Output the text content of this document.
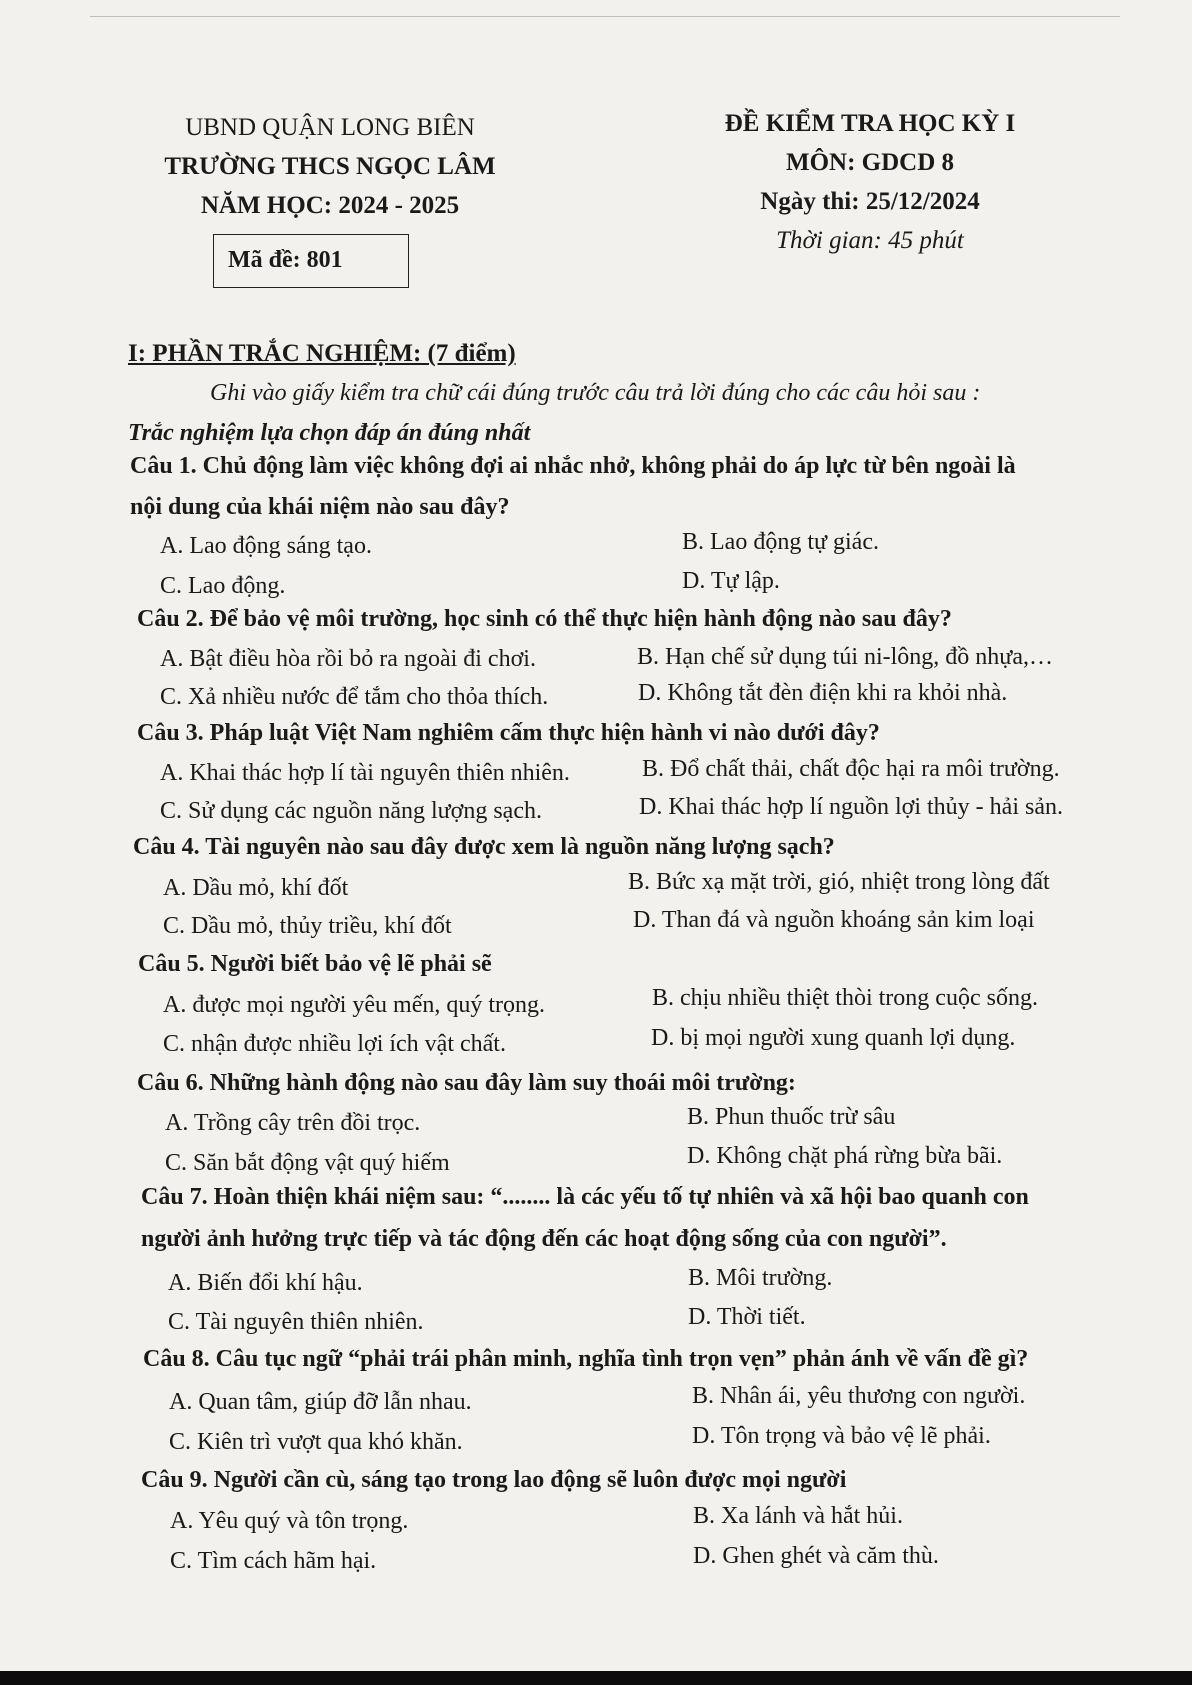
UBND QUẬN LONG BIÊN
TRƯỜNG THCS NGỌC LÂM
NĂM HỌC: 2024 - 2025
ĐỀ KIỂM TRA HỌC KỲ I
MÔN: GDCD 8
Ngày thi: 25/12/2024
Thời gian: 45 phút
Mã đề: 801
I: PHẦN TRẮC NGHIỆM: (7 điểm)
Ghi vào giấy kiểm tra chữ cái đúng trước câu trả lời đúng cho các câu hỏi sau :
Trắc nghiệm lựa chọn đáp án đúng nhất
Câu 1. Chủ động làm việc không đợi ai nhắc nhở, không phải do áp lực từ bên ngoài là
nội dung của khái niệm nào sau đây?
A. Lao động sáng tạo.	B. Lao động tự giác.
C. Lao động.	D. Tự lập.
Câu 2. Để bảo vệ môi trường, học sinh có thể thực hiện hành động nào sau đây?
A. Bật điều hòa rồi bỏ ra ngoài đi chơi.	B. Hạn chế sử dụng túi ni-lông, đồ nhựa,…
C. Xả nhiều nước để tắm cho thỏa thích.	D. Không tắt đèn điện khi ra khỏi nhà.
Câu 3. Pháp luật Việt Nam nghiêm cấm thực hiện hành vi nào dưới đây?
A. Khai thác hợp lí tài nguyên thiên nhiên.	B. Đổ chất thải, chất độc hại ra môi trường.
C. Sử dụng các nguồn năng lượng sạch.	D. Khai thác hợp lí nguồn lợi thủy - hải sản.
Câu 4. Tài nguyên nào sau đây được xem là nguồn năng lượng sạch?
A. Dầu mỏ, khí đốt	B. Bức xạ mặt trời, gió, nhiệt trong lòng đất
C. Dầu mỏ, thủy triều, khí đốt	D. Than đá và nguồn khoáng sản kim loại
Câu 5. Người biết bảo vệ lẽ phải sẽ
A. được mọi người yêu mến, quý trọng.	B. chịu nhiều thiệt thòi trong cuộc sống.
C. nhận được nhiều lợi ích vật chất.	D. bị mọi người xung quanh lợi dụng.
Câu 6. Những hành động nào sau đây làm suy thoái môi trường:
A. Trồng cây trên đồi trọc.	B. Phun thuốc trừ sâu
C. Săn bắt động vật quý hiếm	D. Không chặt phá rừng bừa bãi.
Câu 7. Hoàn thiện khái niệm sau: “........ là các yếu tố tự nhiên và xã hội bao quanh con
người ảnh hưởng trực tiếp và tác động đến các hoạt động sống của con người”.
A. Biến đổi khí hậu.	B. Môi trường.
C. Tài nguyên thiên nhiên.	D. Thời tiết.
Câu 8. Câu tục ngữ “phải trái phân minh, nghĩa tình trọn vẹn” phản ánh về vấn đề gì?
A. Quan tâm, giúp đỡ lẫn nhau.	B. Nhân ái, yêu thương con người.
C. Kiên trì vượt qua khó khăn.	D. Tôn trọng và bảo vệ lẽ phải.
Câu 9. Người cần cù, sáng tạo trong lao động sẽ luôn được mọi người
A. Yêu quý và tôn trọng.	B. Xa lánh và hắt hủi.
C. Tìm cách hãm hại.	D. Ghen ghét và căm thù.
